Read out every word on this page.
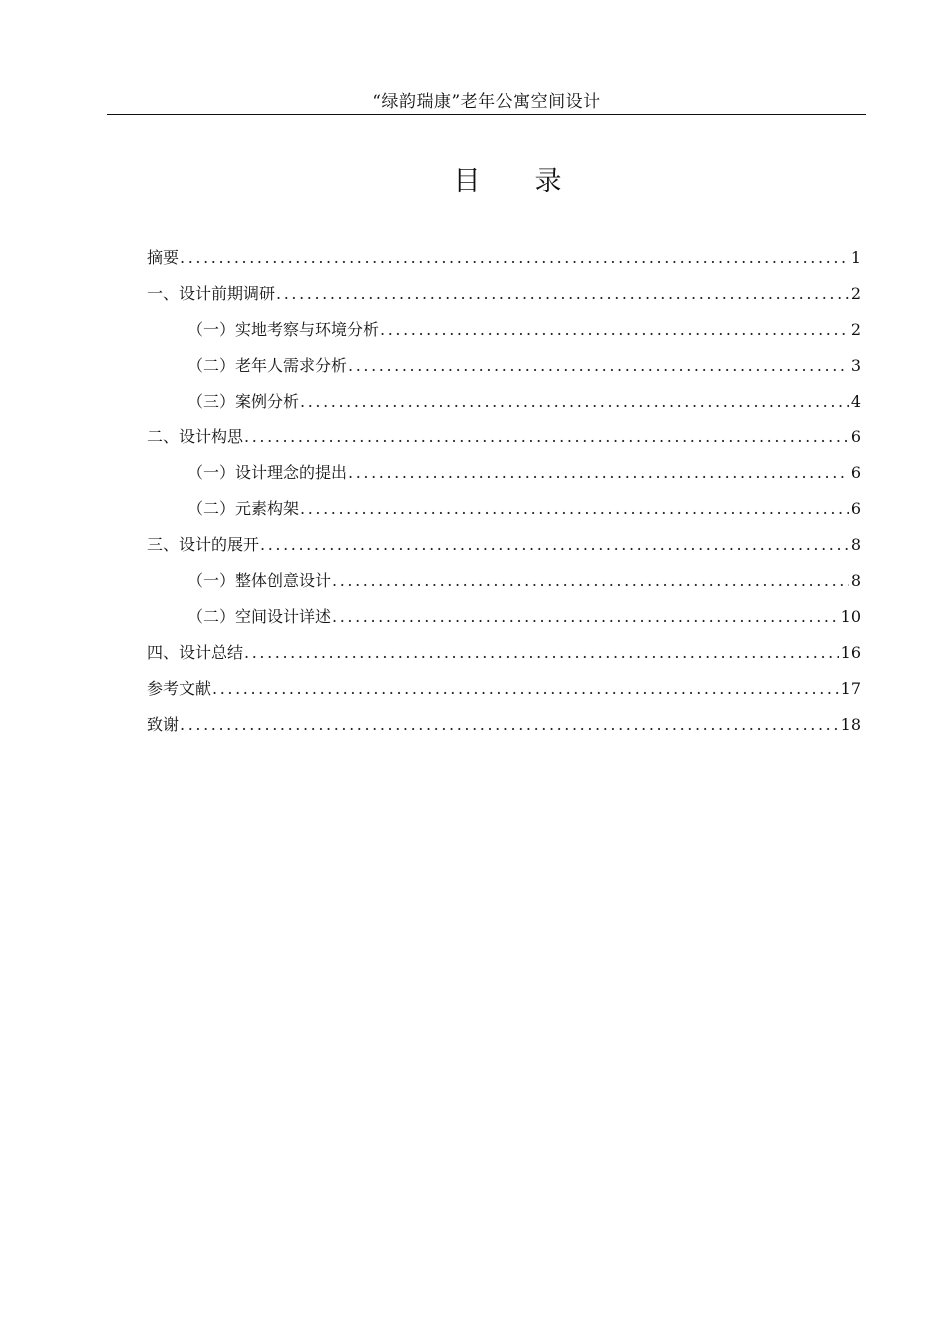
“绿韵瑞康”老年公寓空间设计
目 录
摘要 .....	1
一、设计前期调研 .....	2
（一）实地考察与环境分析 .....	2
（二）老年人需求分析 .....	3
（三）案例分析 .....	4
二、设计构思 .....	6
（一）设计理念的提出 .....	6
（二）元素构架 .....	6
三、设计的展开 .....	8
（一）整体创意设计 .....	8
（二）空间设计详述 .....	10
四、设计总结 .....	16
参考文献 .....	17
致谢 .....	18
